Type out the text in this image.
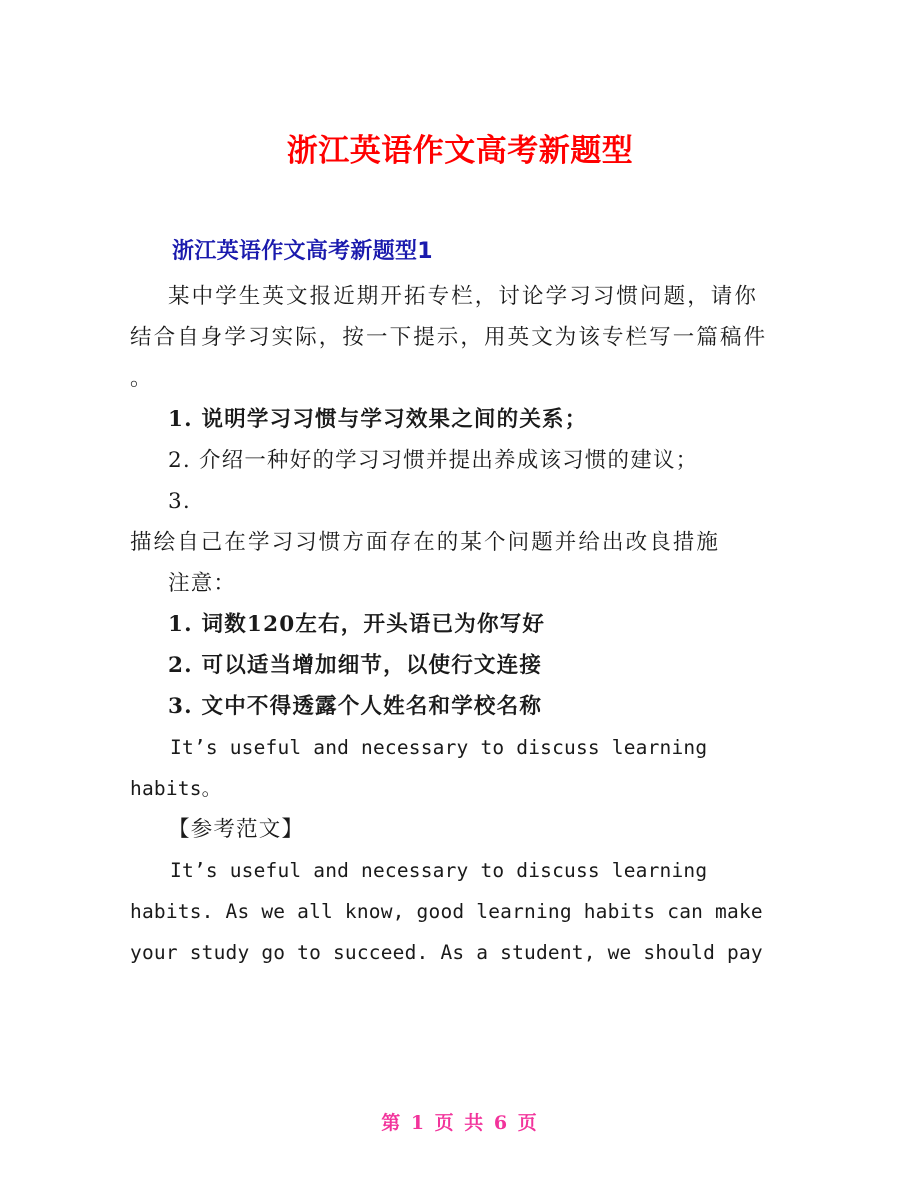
浙江英语作文高考新题型
浙江英语作文高考新题型1
某中学生英文报近期开拓专栏，讨论学习习惯问题，请你
结合自身学习实际，按一下提示，用英文为该专栏写一篇稿件
。
1. 说明学习习惯与学习效果之间的关系；
2. 介绍一种好的学习习惯并提出养成该习惯的建议；
3.
描绘自己在学习习惯方面存在的某个问题并给出改良措施
注意：
1. 词数120左右，开头语已为你写好
2. 可以适当增加细节，以使行文连接
3. 文中不得透露个人姓名和学校名称
It’s useful and necessary to discuss learning
habits。
【参考范文】
It’s useful and necessary to discuss learning
habits. As we all know, good learning habits can make
your study go to succeed. As a student, we should pay
第 1 页 共 6 页
